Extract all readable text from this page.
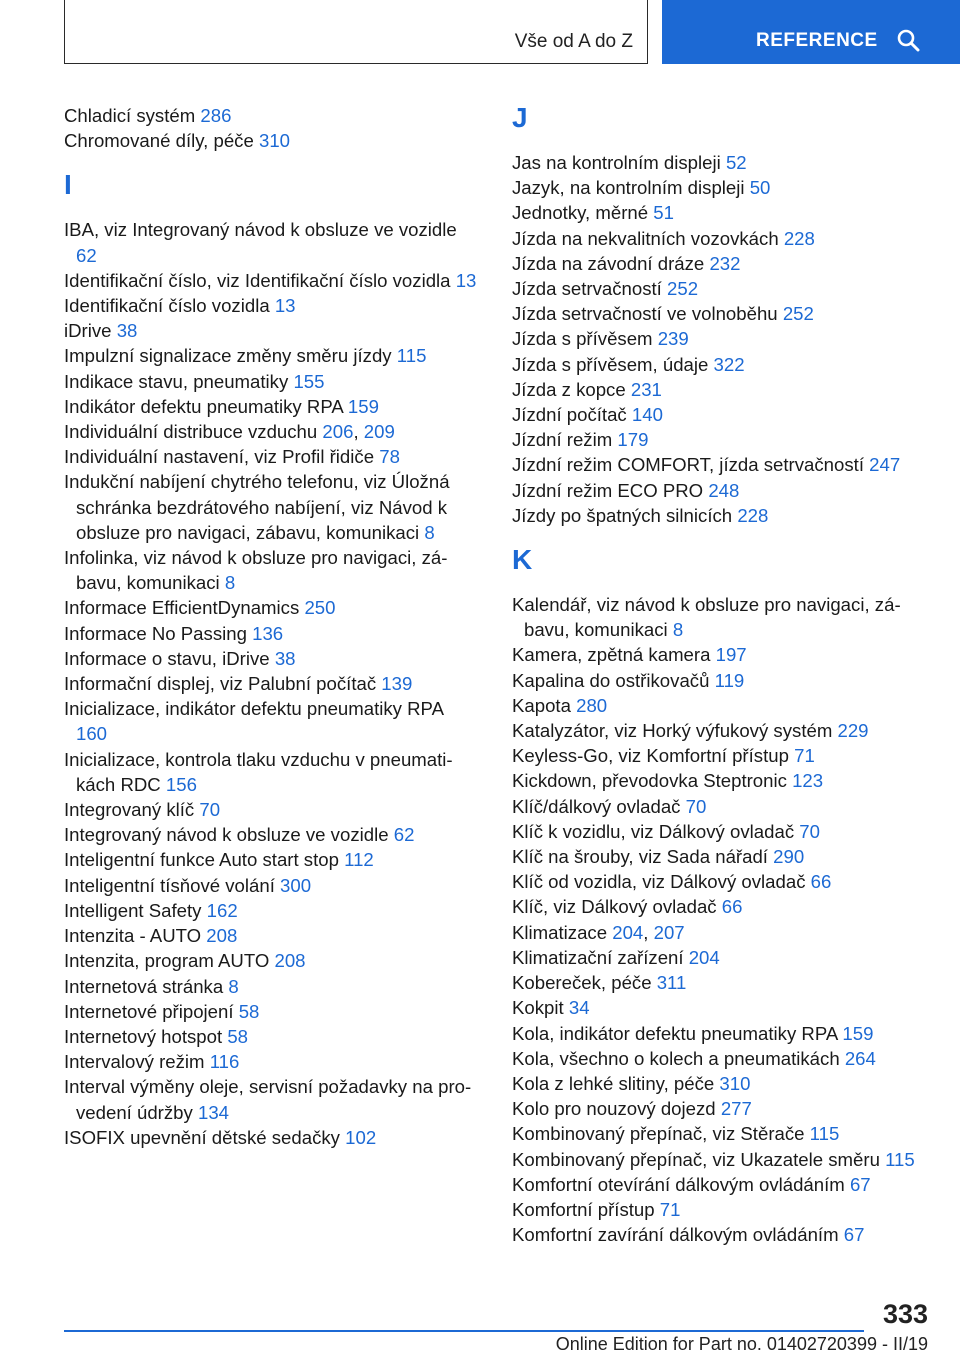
Vše od A do Z	REFERENCE
Chladicí systém 286
Chromované díly, péče 310
I
IBA, viz Integrovaný návod k obsluze ve vozidle 62
Identifikační číslo, viz Identifikační číslo vozidla 13
Identifikační číslo vozidla 13
iDrive 38
Impulzní signalizace změny směru jízdy 115
Indikace stavu, pneumatiky 155
Indikátor defektu pneumatiky RPA 159
Individuální distribuce vzduchu 206, 209
Individuální nastavení, viz Profil řidiče 78
Indukční nabíjení chytrého telefonu, viz Úložná schránka bezdrátového nabíjení, viz Návod k obsluze pro navigaci, zábavu, komunikaci 8
Infolinka, viz návod k obsluze pro navigaci, zábavu, komunikaci 8
Informace EfficientDynamics 250
Informace No Passing 136
Informace o stavu, iDrive 38
Informační displej, viz Palubní počítač 139
Inicializace, indikátor defektu pneumatiky RPA 160
Inicializace, kontrola tlaku vzduchu v pneumatikách RDC 156
Integrovaný klíč 70
Integrovaný návod k obsluze ve vozidle 62
Inteligentní funkce Auto start stop 112
Inteligentní tísňové volání 300
Intelligent Safety 162
Intenzita - AUTO 208
Intenzita, program AUTO 208
Internetová stránka 8
Internetové připojení 58
Internetový hotspot 58
Intervalový režim 116
Interval výměny oleje, servisní požadavky na provedení údržby 134
ISOFIX upevnění dětské sedačky 102
J
Jas na kontrolním displeji 52
Jazyk, na kontrolním displeji 50
Jednotky, měrné 51
Jízda na nekvalitních vozovkách 228
Jízda na závodní dráze 232
Jízda setrvačností 252
Jízda setrvačností ve volnoběhu 252
Jízda s přívěsem 239
Jízda s přívěsem, údaje 322
Jízda z kopce 231
Jízdní počítač 140
Jízdní režim 179
Jízdní režim COMFORT, jízda setrvačností 247
Jízdní režim ECO PRO 248
Jízdy po špatných silnicích 228
K
Kalendář, viz návod k obsluze pro navigaci, zábavu, komunikaci 8
Kamera, zpětná kamera 197
Kapalina do ostřikovačů 119
Kapota 280
Katalyzátor, viz Horký výfukový systém 229
Keyless-Go, viz Komfortní přístup 71
Kickdown, převodovka Steptronic 123
Klíč/dálkový ovladač 70
Klíč k vozidlu, viz Dálkový ovladač 70
Klíč na šrouby, viz Sada nářadí 290
Klíč od vozidla, viz Dálkový ovladač 66
Klíč, viz Dálkový ovladač 66
Klimatizace 204, 207
Klimatizační zařízení 204
Kobereček, péče 311
Kokpit 34
Kola, indikátor defektu pneumatiky RPA 159
Kola, všechno o kolech a pneumatikách 264
Kola z lehké slitiny, péče 310
Kolo pro nouzový dojezd 277
Kombinovaný přepínač, viz Stěrače 115
Kombinovaný přepínač, viz Ukazatele směru 115
Komfortní otevírání dálkovým ovládáním 67
Komfortní přístup 71
Komfortní zavírání dálkovým ovládáním 67
333
Online Edition for Part no. 01402720399 - II/19
